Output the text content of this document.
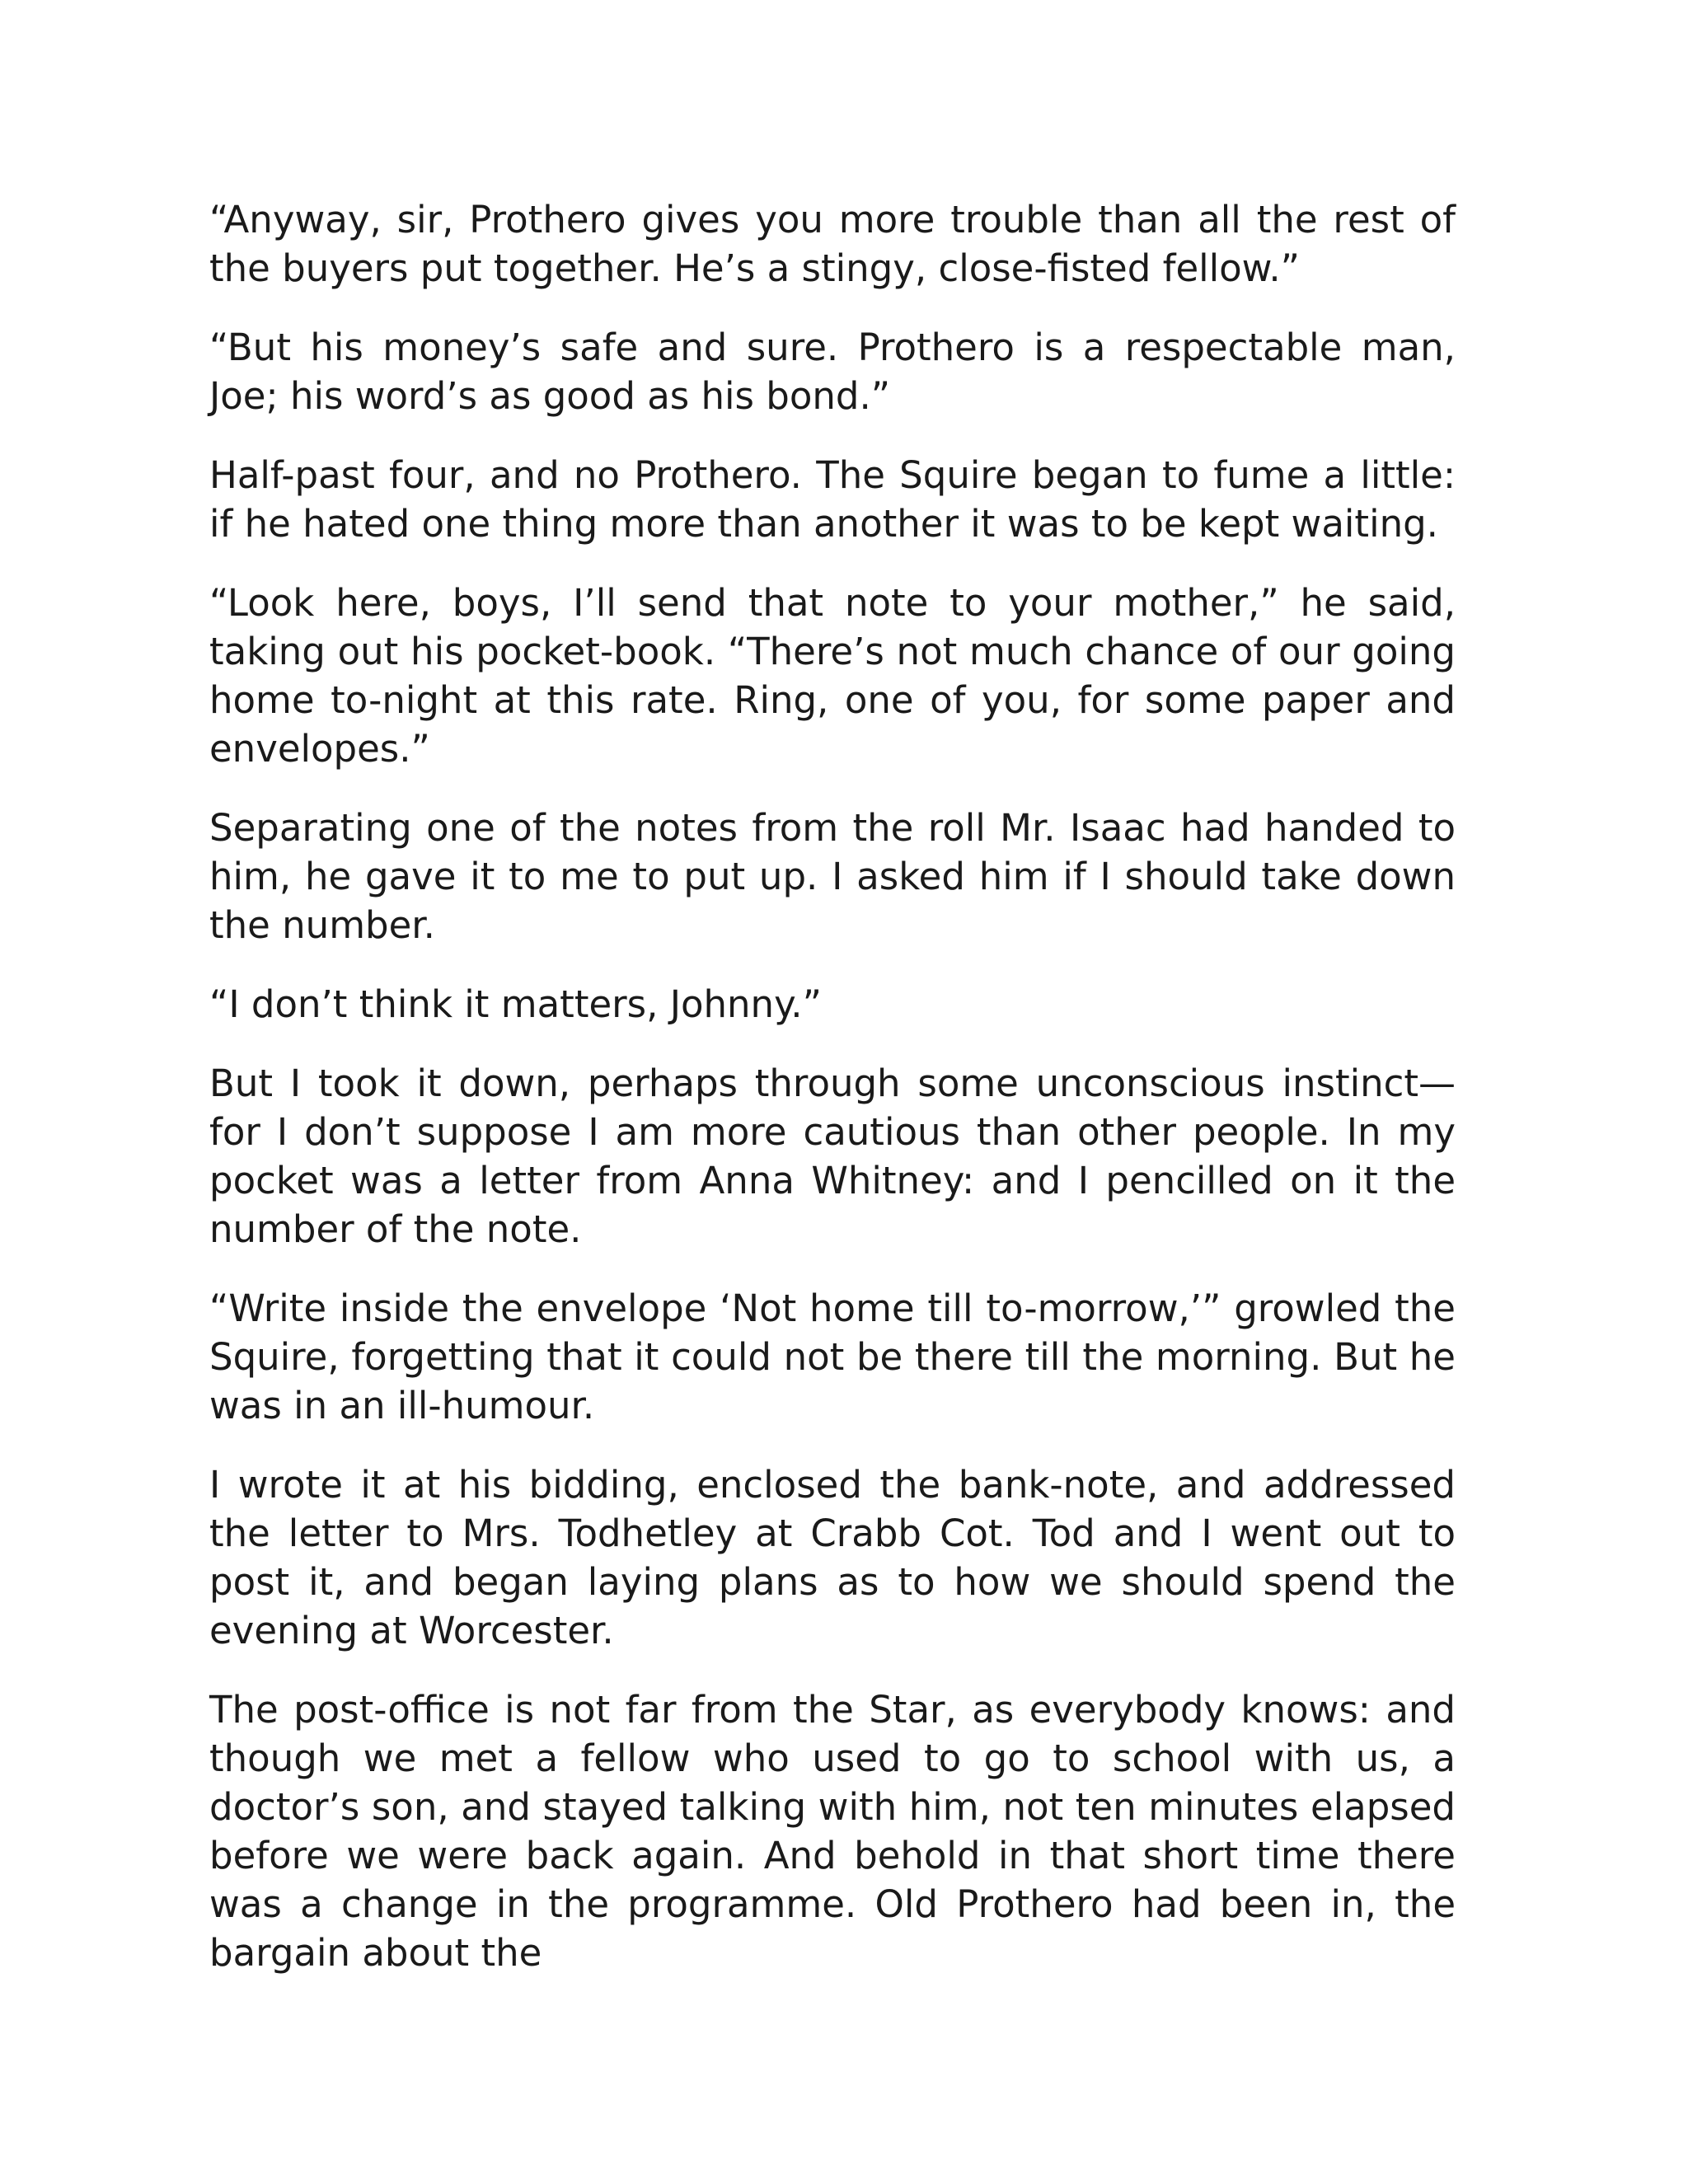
“Anyway, sir, Prothero gives you more trouble than all the rest of the buyers put together. He’s a stingy, close-fisted fellow.”

“But his money’s safe and sure. Prothero is a respectable man, Joe; his word’s as good as his bond.”

Half-past four, and no Prothero. The Squire began to fume a little: if he hated one thing more than another it was to be kept waiting.

“Look here, boys, I’ll send that note to your mother,” he said, taking out his pocket-book. “There’s not much chance of our going home to-night at this rate. Ring, one of you, for some paper and envelopes.”

Separating one of the notes from the roll Mr. Isaac had handed to him, he gave it to me to put up. I asked him if I should take down the number.

“I don’t think it matters, Johnny.”

But I took it down, perhaps through some unconscious instinct—for I don’t suppose I am more cautious than other people. In my pocket was a letter from Anna Whitney: and I pencilled on it the number of the note.

“Write inside the envelope ‘Not home till to-morrow,’” growled the Squire, forgetting that it could not be there till the morning. But he was in an ill-humour.

I wrote it at his bidding, enclosed the bank-note, and addressed the letter to Mrs. Todhetley at Crabb Cot. Tod and I went out to post it, and began laying plans as to how we should spend the evening at Worcester.

The post-office is not far from the Star, as everybody knows: and though we met a fellow who used to go to school with us, a doctor’s son, and stayed talking with him, not ten minutes elapsed before we were back again. And behold in that short time there was a change in the programme. Old Prothero had been in, the bargain about the
